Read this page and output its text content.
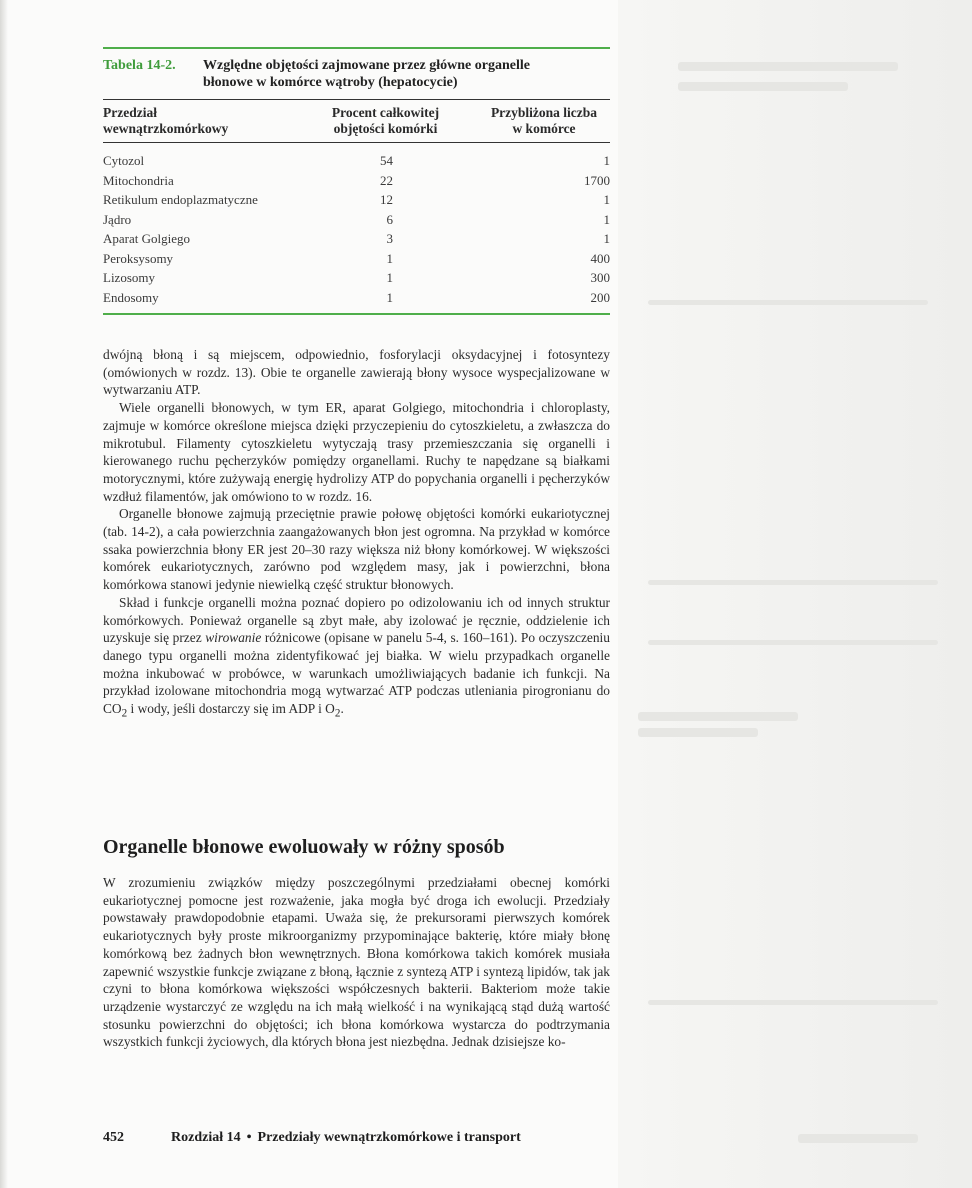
Tabela 14-2. Względne objętości zajmowane przez główne organelle
błonowe w komórce wątroby (hepatocycie)
Przedział
wewnątrzkomórkowy
Procent całkowitej
objętości komórki
Przybliżona liczba
w komórce
Cytozol	54	1
Mitochondria	22	1700
Retikulum endoplazmatyczne	12	1
Jądro	6	1
Aparat Golgiego	3	1
Peroksysomy	1	400
Lizosomy	1	300
Endosomy	1	200

dwójną błoną i są miejscem, odpowiednio, fosforylacji oksydacyjnej i fotosyntezy (omówionych w rozdz. 13). Obie te organelle zawierają błony wysoce wyspecjalizowane w wytwarzaniu ATP.

Wiele organelli błonowych, w tym ER, aparat Golgiego, mitochondria i chloroplasty, zajmuje w komórce określone miejsca dzięki przyczepieniu do cytoszkieletu, a zwłaszcza do mikrotubul. Filamenty cytoszkieletu wytyczają trasy przemieszczania się organelli i kierowanego ruchu pęcherzyków pomiędzy organellami. Ruchy te napędzane są białkami motorycznymi, które zużywają energię hydrolizy ATP do popychania organelli i pęcherzyków wzdłuż filamentów, jak omówiono to w rozdz. 16.

Organelle błonowe zajmują przeciętnie prawie połowę objętości komórki eukariotycznej (tab. 14-2), a cała powierzchnia zaangażowanych błon jest ogromna. Na przykład w komórce ssaka powierzchnia błony ER jest 20–30 razy większa niż błony komórkowej. W większości komórek eukariotycznych, zarówno pod względem masy, jak i powierzchni, błona komórkowa stanowi jedynie niewielką część struktur błonowych.

Skład i funkcje organelli można poznać dopiero po odizolowaniu ich od innych struktur komórkowych. Ponieważ organelle są zbyt małe, aby izolować je ręcznie, oddzielenie ich uzyskuje się przez wirowanie różnicowe (opisane w panelu 5-4, s. 160–161). Po oczyszczeniu danego typu organelli można zidentyfikować jej białka. W wielu przypadkach organelle można inkubować w probówce, w warunkach umożliwiających badanie ich funkcji. Na przykład izolowane mitochondria mogą wytwarzać ATP podczas utleniania pirogronianu do $CO_2$ i wody, jeśli dostarczy się im ADP i $O_2$.

Organelle błonowe ewoluowały w różny sposób

W zrozumieniu związków między poszczególnymi przedziałami obecnej komórki eukariotycznej pomocne jest rozważenie, jaka mogła być droga ich ewolucji. Przedziały powstawały prawdopodobnie etapami. Uważa się, że prekursorami pierwszych komórek eukariotycznych były proste mikroorganizmy przypominające bakterię, które miały błonę komórkową bez żadnych błon wewnętrznych. Błona komórkowa takich komórek musiała zapewnić wszystkie funkcje związane z błoną, łącznie z syntezą ATP i syntezą lipidów, tak jak czyni to błona komórkowa większości współczesnych bakterii. Bakteriom może takie urządzenie wystarczyć ze względu na ich małą wielkość i na wynikającą stąd dużą wartość stosunku powierzchni do objętości; ich błona komórkowa wystarcza do podtrzymania wszystkich funkcji życiowych, dla których błona jest niezbędna. Jednak dzisiejsze ko-

452	Rozdział 14 • Przedziały wewnątrzkomórkowe i transport
